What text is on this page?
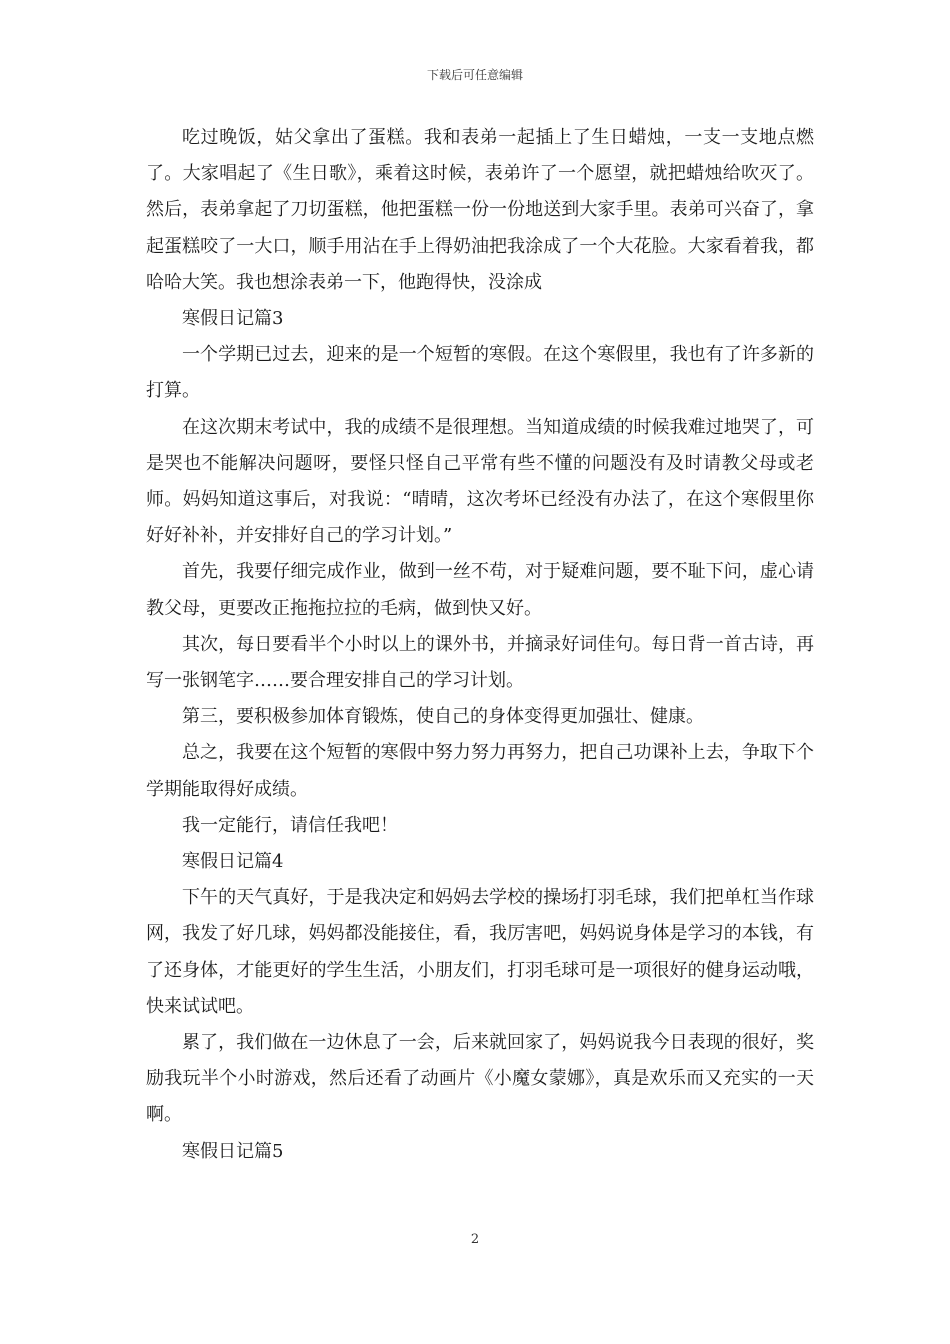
下载后可任意编辑

吃过晚饭，姑父拿出了蛋糕。我和表弟一起插上了生日蜡烛，一支一支地点燃了。大家唱起了《生日歌》，乘着这时候，表弟许了一个愿望，就把蜡烛给吹灭了。然后，表弟拿起了刀切蛋糕，他把蛋糕一份一份地送到大家手里。表弟可兴奋了，拿起蛋糕咬了一大口，顺手用沾在手上得奶油把我涂成了一个大花脸。大家看着我，都哈哈大笑。我也想涂表弟一下，他跑得快，没涂成

寒假日记篇3

一个学期已过去，迎来的是一个短暂的寒假。在这个寒假里，我也有了许多新的打算。

在这次期末考试中，我的成绩不是很理想。当知道成绩的时候我难过地哭了，可是哭也不能解决问题呀，要怪只怪自己平常有些不懂的问题没有及时请教父母或老师。妈妈知道这事后，对我说：“晴晴，这次考坏已经没有办法了，在这个寒假里你好好补补，并安排好自己的学习计划。”

首先，我要仔细完成作业，做到一丝不苟，对于疑难问题，要不耻下问，虚心请教父母，更要改正拖拖拉拉的毛病，做到快又好。

其次，每日要看半个小时以上的课外书，并摘录好词佳句。每日背一首古诗，再写一张钢笔字……要合理安排自己的学习计划。

第三，要积极参加体育锻炼，使自己的身体变得更加强壮、健康。

总之，我要在这个短暂的寒假中努力努力再努力，把自己功课补上去，争取下个学期能取得好成绩。

我一定能行，请信任我吧！

寒假日记篇4

下午的天气真好，于是我决定和妈妈去学校的操场打羽毛球，我们把单杠当作球网，我发了好几球，妈妈都没能接住，看，我厉害吧，妈妈说身体是学习的本钱，有了还身体，才能更好的学生生活，小朋友们，打羽毛球可是一项很好的健身运动哦，快来试试吧。

累了，我们做在一边休息了一会，后来就回家了，妈妈说我今日表现的很好，奖励我玩半个小时游戏，然后还看了动画片《小魔女蒙娜》，真是欢乐而又充实的一天啊。

寒假日记篇5

2
